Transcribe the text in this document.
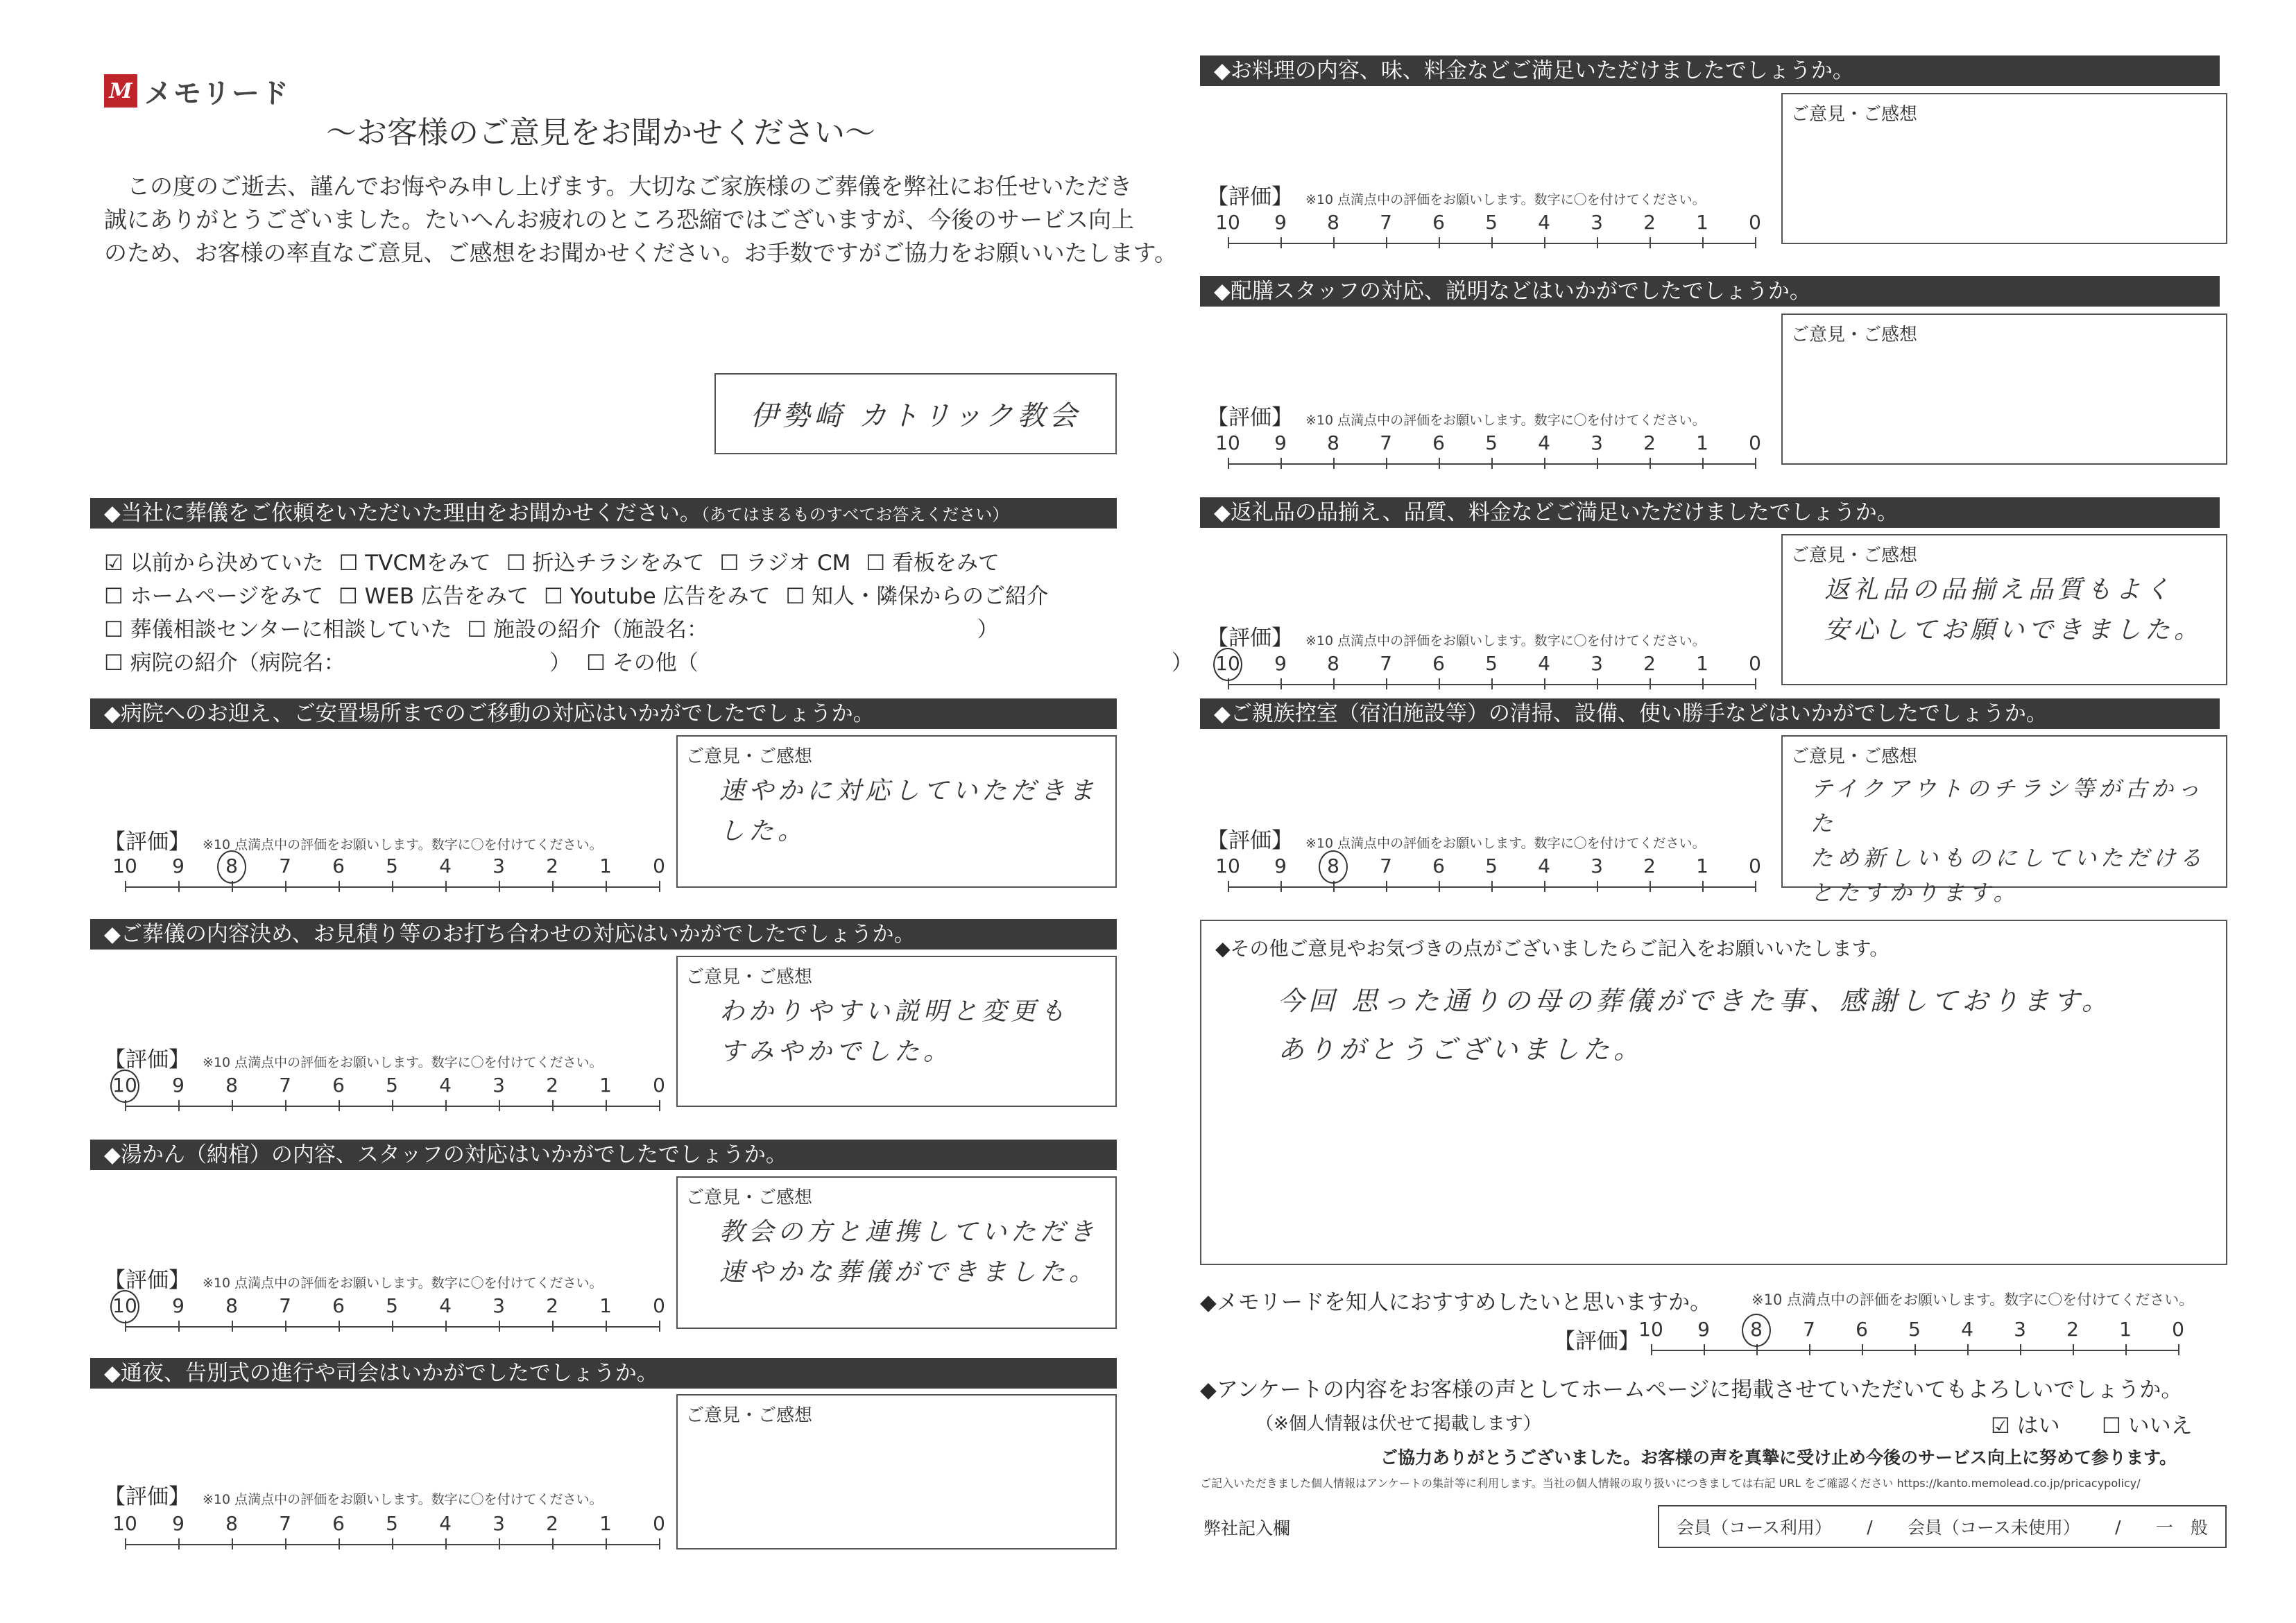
M メモリード
～お客様のご意見をお聞かせください～
　この度のご逝去、謹んでお悔やみ申し上げます。大切なご家族様のご葬儀を弊社にお任せいただき
誠にありがとうございました。たいへんお疲れのところ恐縮ではございますが、今後のサービス向上
のため、お客様の率直なご意見、ご感想をお聞かせください。お手数ですがご協力をお願いいたします。
伊勢崎 カトリック教会
◆当社に葬儀をご依頼をいただいた理由をお聞かせください。（あてはまるものすべてお答えください）
☑ 以前から決めていた ☐ TVCMをみて ☐ 折込チラシをみて ☐ ラジオ CM ☐ 看板をみて
☐ ホームページをみて ☐ WEB 広告をみて ☐ Youtube 広告をみて ☐ 知人・隣保からのご紹介
☐ 葬儀相談センターに相談していた ☐ 施設の紹介（施設名：　　　　　　　　　　　　　）
☐ 病院の紹介（病院名：　　　　　　　　　　） ☐ その他（　　　　　　　　　　　　　　　　　　　　　　）
◆病院へのお迎え、ご安置場所までのご移動の対応はいかがでしたでしょうか。
【評価】 ※10 点満点中の評価をお願いします。数字に〇を付けてください。
10	9	8	7	6	5	4	3	2	1	0
ご意見・ご感想
速やかに対応していただきました。
◆ご葬儀の内容決め、お見積り等のお打ち合わせの対応はいかがでしたでしょうか。
【評価】 ※10 点満点中の評価をお願いします。数字に〇を付けてください。
10	9	8	7	6	5	4	3	2	1	0
ご意見・ご感想
わかりやすい説明と変更も
すみやかでした。
◆湯かん（納棺）の内容、スタッフの対応はいかがでしたでしょうか。
【評価】 ※10 点満点中の評価をお願いします。数字に〇を付けてください。
10	9	8	7	6	5	4	3	2	1	0
ご意見・ご感想
教会の方と連携していただき
速やかな葬儀ができました。
◆通夜、告別式の進行や司会はいかがでしたでしょうか。
【評価】 ※10 点満点中の評価をお願いします。数字に〇を付けてください。
10	9	8	7	6	5	4	3	2	1	0
ご意見・ご感想
◆お料理の内容、味、料金などご満足いただけましたでしょうか。
【評価】 ※10 点満点中の評価をお願いします。数字に〇を付けてください。
10	9	8	7	6	5	4	3	2	1	0
ご意見・ご感想
◆配膳スタッフの対応、説明などはいかがでしたでしょうか。
【評価】 ※10 点満点中の評価をお願いします。数字に〇を付けてください。
10	9	8	7	6	5	4	3	2	1	0
ご意見・ご感想
◆返礼品の品揃え、品質、料金などご満足いただけましたでしょうか。
【評価】 ※10 点満点中の評価をお願いします。数字に〇を付けてください。
10	9	8	7	6	5	4	3	2	1	0
ご意見・ご感想
返礼品の品揃え品質もよく
安心してお願いできました。
◆ご親族控室（宿泊施設等）の清掃、設備、使い勝手などはいかがでしたでしょうか。
【評価】 ※10 点満点中の評価をお願いします。数字に〇を付けてください。
10	9	8	7	6	5	4	3	2	1	0
ご意見・ご感想
テイクアウトのチラシ等が古かった
ため新しいものにしていただける
とたすかります。
◆その他ご意見やお気づきの点がございましたらご記入をお願いいたします。
今回 思った通りの母の葬儀ができた事、感謝しております。
ありがとうございました。
◆メモリードを知人におすすめしたいと思いますか。	※10 点満点中の評価をお願いします。数字に〇を付けてください。
【評価】
10	9	8	7	6	5	4	3	2	1	0
◆アンケートの内容をお客様の声としてホームページに掲載させていただいてもよろしいでしょうか。
（※個人情報は伏せて掲載します）	☑ はい ☐ いいえ
ご協力ありがとうございました。お客様の声を真摯に受け止め今後のサービス向上に努めて参ります。
ご記入いただきました個人情報はアンケートの集計等に利用します。当社の個人情報の取り扱いにつきましては右記 URL をご確認ください https://kanto.memolead.co.jp/pricacypolicy/
弊社記入欄	会員（コース利用） / 会員（コース未使用） / 一　般
